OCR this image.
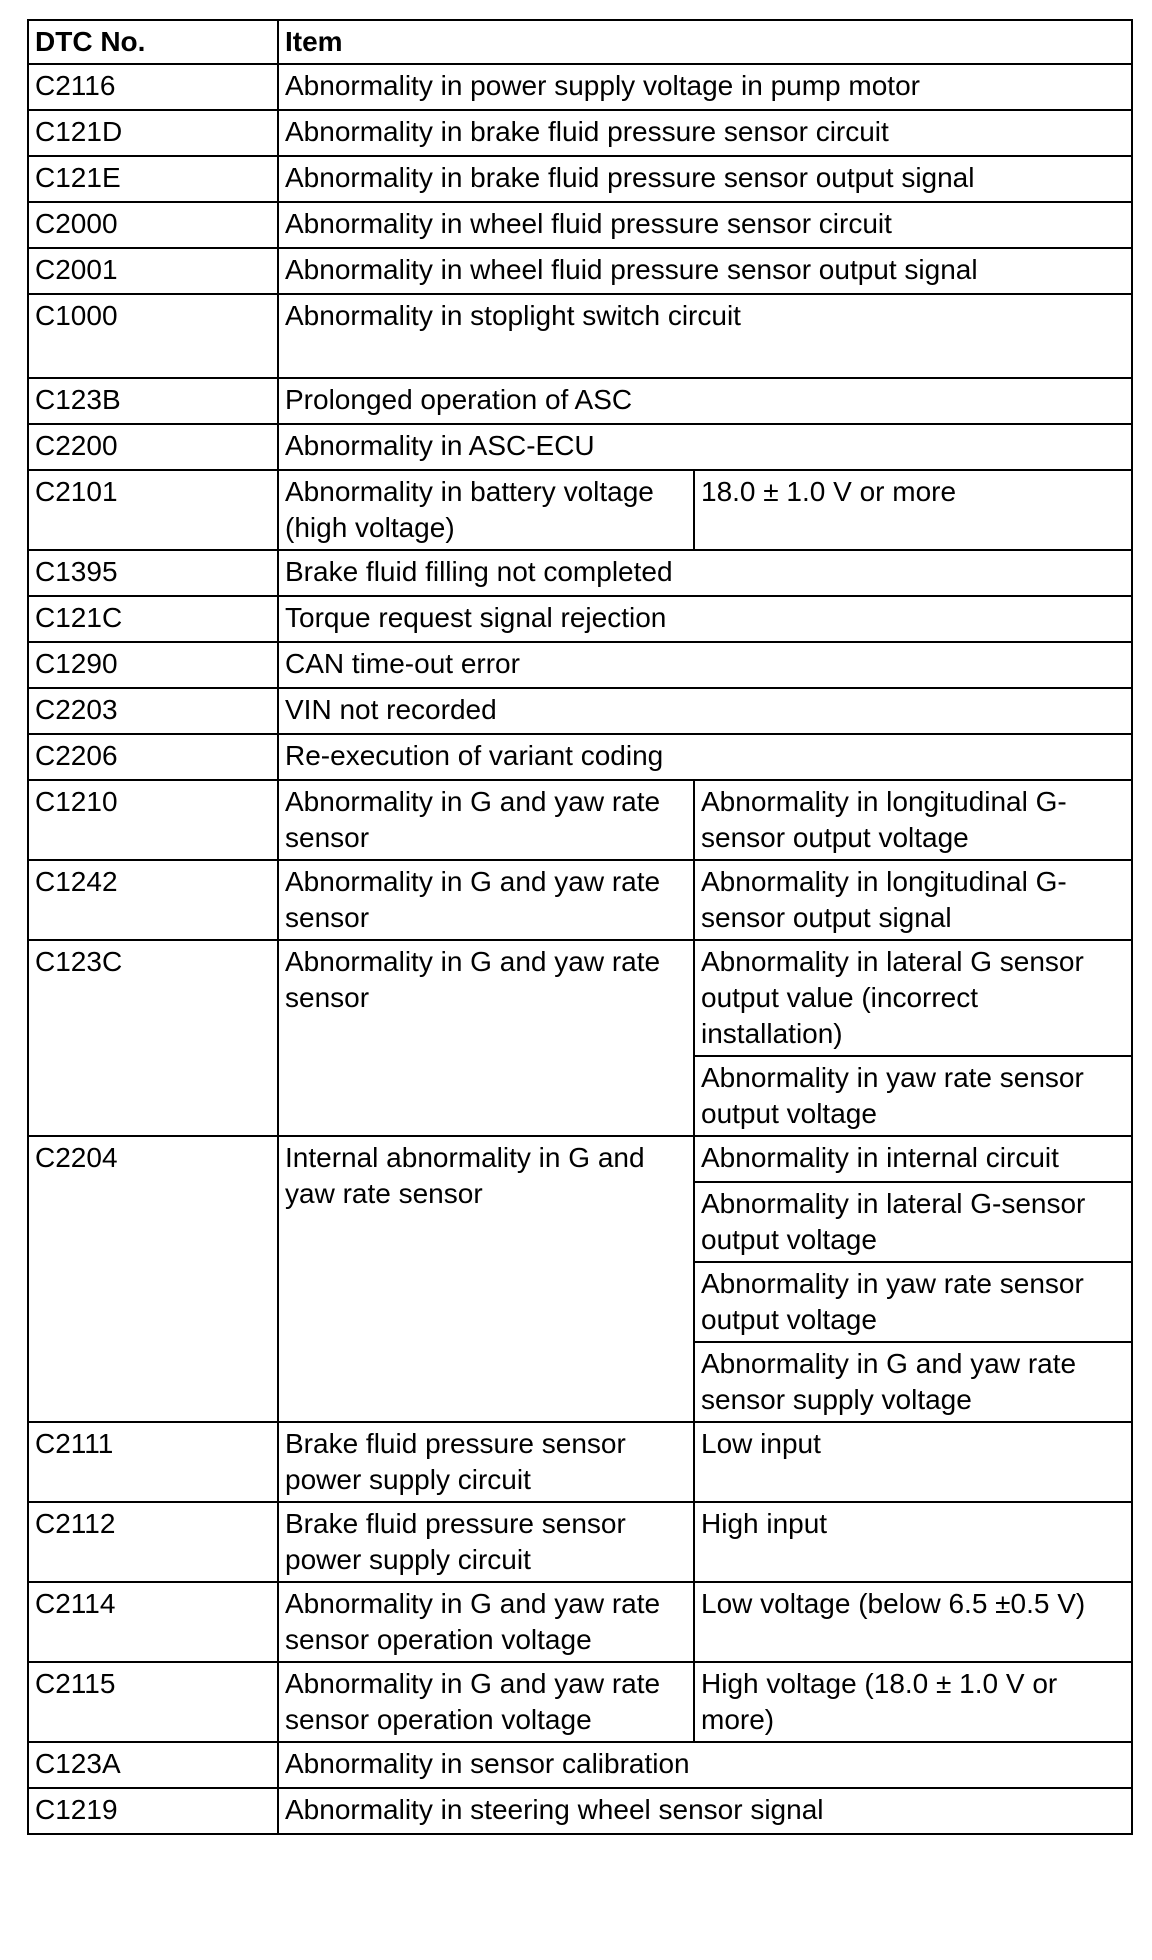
DTC No.	Item	
C2116	Abnormality in power supply voltage in pump motor	
C121D	Abnormality in brake fluid pressure sensor circuit	
C121E	Abnormality in brake fluid pressure sensor output signal	
C2000	Abnormality in wheel fluid pressure sensor circuit	
C2001	Abnormality in wheel fluid pressure sensor output signal	
C1000	Abnormality in stoplight switch circuit	
C123B	Prolonged operation of ASC	
C2200	Abnormality in ASC-ECU	
C2101	Abnormality in battery voltage (high voltage)	18.0 ± 1.0 V or more
C1395	Brake fluid filling not completed	
C121C	Torque request signal rejection	
C1290	CAN time-out error	
C2203	VIN not recorded	
C2206	Re-execution of variant coding	
C1210	Abnormality in G and yaw rate sensor	Abnormality in longitudinal G-sensor output voltage
C1242	Abnormality in G and yaw rate sensor	Abnormality in longitudinal G-sensor output signal
C123C	Abnormality in G and yaw rate sensor	Abnormality in lateral G sensor output value (incorrect installation)
		Abnormality in yaw rate sensor output voltage
C2204	Internal abnormality in G and yaw rate sensor	Abnormality in internal circuit
		Abnormality in lateral G-sensor output voltage
		Abnormality in yaw rate sensor output voltage
		Abnormality in G and yaw rate sensor supply voltage
C2111	Brake fluid pressure sensor power supply circuit	Low input
C2112	Brake fluid pressure sensor power supply circuit	High input
C2114	Abnormality in G and yaw rate sensor operation voltage	Low voltage (below 6.5 ±0.5 V)
C2115	Abnormality in G and yaw rate sensor operation voltage	High voltage (18.0 ± 1.0 V or more)
C123A	Abnormality in sensor calibration	
C1219	Abnormality in steering wheel sensor signal	
